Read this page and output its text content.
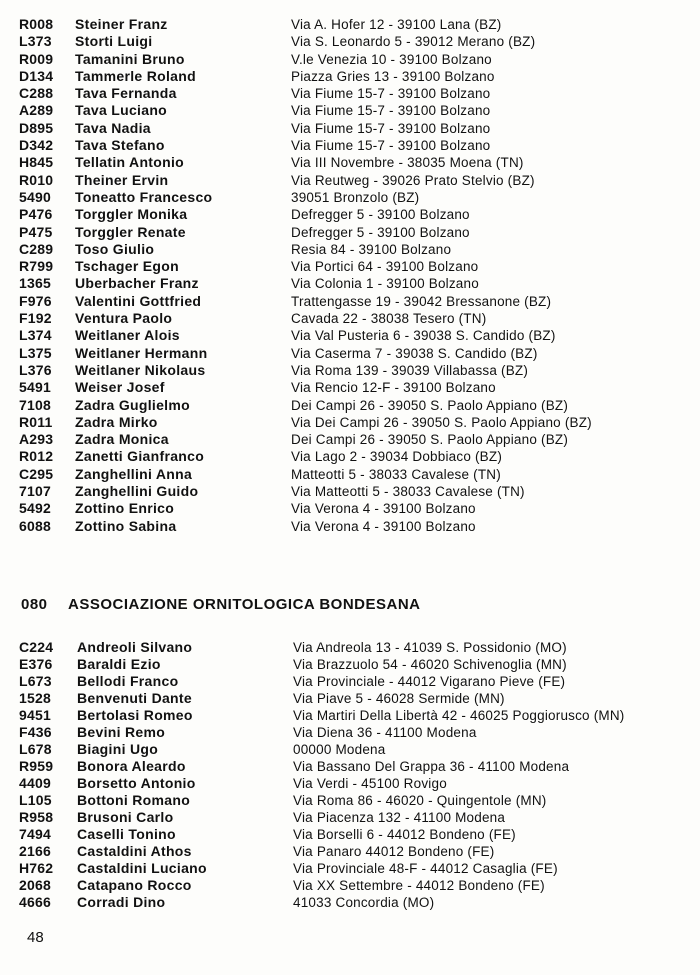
R008 Steiner Franz	Via A. Hofer 12 - 39100 Lana (BZ)
L373 Storti Luigi	Via S. Leonardo 5 - 39012 Merano (BZ)
R009 Tamanini Bruno	V.le Venezia 10 - 39100 Bolzano
D134 Tammerle Roland	Piazza Gries 13 - 39100 Bolzano
C288 Tava Fernanda	Via Fiume 15-7 - 39100 Bolzano
A289 Tava Luciano	Via Fiume 15-7 - 39100 Bolzano
D895 Tava Nadia	Via Fiume 15-7 - 39100 Bolzano
D342 Tava Stefano	Via Fiume 15-7 - 39100 Bolzano
H845 Tellatin Antonio	Via III Novembre - 38035 Moena (TN)
R010 Theiner Ervin	Via Reutweg - 39026 Prato Stelvio (BZ)
5490 Toneatto Francesco	39051 Bronzolo (BZ)
P476 Torggler Monika	Defregger 5 - 39100 Bolzano
P475 Torggler Renate	Defregger 5 - 39100 Bolzano
C289 Toso Giulio	Resia 84 - 39100 Bolzano
R799 Tschager Egon	Via Portici 64 - 39100 Bolzano
1365 Uberbacher Franz	Via Colonia 1 - 39100 Bolzano
F976 Valentini Gottfried	Trattengasse 19 - 39042 Bressanone (BZ)
F192 Ventura Paolo	Cavada 22 - 38038 Tesero (TN)
L374 Weitlaner Alois	Via Val Pusteria 6 - 39038 S. Candido (BZ)
L375 Weitlaner Hermann	Via Caserma 7 - 39038 S. Candido (BZ)
L376 Weitlaner Nikolaus	Via Roma 139 - 39039 Villabassa (BZ)
5491 Weiser Josef	Via Rencio 12-F - 39100 Bolzano
7108 Zadra Guglielmo	Dei Campi 26 - 39050 S. Paolo Appiano (BZ)
R011 Zadra Mirko	Via Dei Campi 26 - 39050 S. Paolo Appiano (BZ)
A293 Zadra Monica	Dei Campi 26 - 39050 S. Paolo Appiano (BZ)
R012 Zanetti Gianfranco	Via Lago 2 - 39034 Dobbiaco (BZ)
C295 Zanghellini Anna	Matteotti 5 - 38033 Cavalese (TN)
7107 Zanghellini Guido	Via Matteotti 5 - 38033 Cavalese (TN)
5492 Zottino Enrico	Via Verona 4 - 39100 Bolzano
6088 Zottino Sabina	Via Verona 4 - 39100 Bolzano
080 ASSOCIAZIONE ORNITOLOGICA BONDESANA
C224 Andreoli Silvano	Via Andreola 13 - 41039 S. Possidonio (MO)
E376 Baraldi Ezio	Via Brazzuolo 54 - 46020 Schivenoglia (MN)
L673 Bellodi Franco	Via Provinciale - 44012 Vigarano Pieve (FE)
1528 Benvenuti Dante	Via Piave 5 - 46028 Sermide (MN)
9451 Bertolasi Romeo	Via Martiri Della Libertà 42 - 46025 Poggiorusco (MN)
F436 Bevini Remo	Via Diena 36 - 41100 Modena
L678 Biagini Ugo	00000 Modena
R959 Bonora Aleardo	Via Bassano Del Grappa 36 - 41100 Modena
4409 Borsetto Antonio	Via Verdi - 45100 Rovigo
L105 Bottoni Romano	Via Roma 86 - 46020 - Quingentole (MN)
R958 Brusoni Carlo	Via Piacenza 132 - 41100 Modena
7494 Caselli Tonino	Via Borselli 6 - 44012 Bondeno (FE)
2166 Castaldini Athos	Via Panaro 44012 Bondeno (FE)
H762 Castaldini Luciano	Via Provinciale 48-F - 44012 Casaglia (FE)
2068 Catapano Rocco	Via XX Settembre - 44012 Bondeno (FE)
4666 Corradi Dino	41033 Concordia (MO)
48
